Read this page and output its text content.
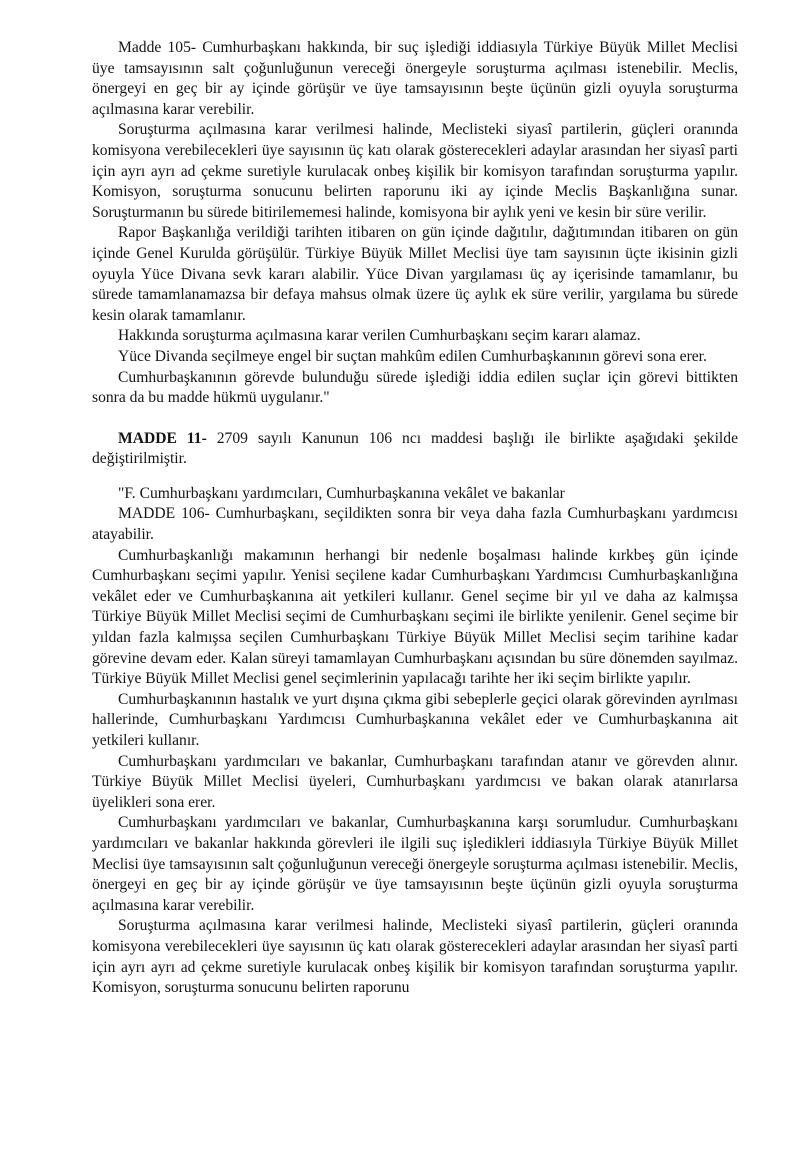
Madde 105- Cumhurbaşkanı hakkında, bir suç işlediği iddiasıyla Türkiye Büyük Millet Meclisi üye tamsayısının salt çoğunluğunun vereceği önergeyle soruşturma açılması istenebilir. Meclis, önergeyi en geç bir ay içinde görüşür ve üye tamsayısının beşte üçünün gizli oyuyla soruşturma açılmasına karar verebilir.

Soruşturma açılmasına karar verilmesi halinde, Meclisteki siyasî partilerin, güçleri oranında komisyona verebilecekleri üye sayısının üç katı olarak gösterecekleri adaylar arasından her siyasî parti için ayrı ayrı ad çekme suretiyle kurulacak onbeş kişilik bir komisyon tarafından soruşturma yapılır. Komisyon, soruşturma sonucunu belirten raporunu iki ay içinde Meclis Başkanlığına sunar. Soruşturmanın bu sürede bitirilememesi halinde, komisyona bir aylık yeni ve kesin bir süre verilir.

Rapor Başkanlığa verildiği tarihten itibaren on gün içinde dağıtılır, dağıtımından itibaren on gün içinde Genel Kurulda görüşülür. Türkiye Büyük Millet Meclisi üye tam sayısının üçte ikisinin gizli oyuyla Yüce Divana sevk kararı alabilir. Yüce Divan yargılaması üç ay içerisinde tamamlanır, bu sürede tamamlanamazsa bir defaya mahsus olmak üzere üç aylık ek süre verilir, yargılama bu sürede kesin olarak tamamlanır.

Hakkında soruşturma açılmasına karar verilen Cumhurbaşkanı seçim kararı alamaz.

Yüce Divanda seçilmeye engel bir suçtan mahkûm edilen Cumhurbaşkanının görevi sona erer.

Cumhurbaşkanının görevde bulunduğu sürede işlediği iddia edilen suçlar için görevi bittikten sonra da bu madde hükmü uygulanır."

MADDE 11- 2709 sayılı Kanunun 106 ncı maddesi başlığı ile birlikte aşağıdaki şekilde değiştirilmiştir.

"F. Cumhurbaşkanı yardımcıları, Cumhurbaşkanına vekâlet ve bakanlar

MADDE 106- Cumhurbaşkanı, seçildikten sonra bir veya daha fazla Cumhurbaşkanı yardımcısı atayabilir.

Cumhurbaşkanlığı makamının herhangi bir nedenle boşalması halinde kırkbeş gün içinde Cumhurbaşkanı seçimi yapılır. Yenisi seçilene kadar Cumhurbaşkanı Yardımcısı Cumhurbaşkanlığına vekâlet eder ve Cumhurbaşkanına ait yetkileri kullanır. Genel seçime bir yıl ve daha az kalmışsa Türkiye Büyük Millet Meclisi seçimi de Cumhurbaşkanı seçimi ile birlikte yenilenir. Genel seçime bir yıldan fazla kalmışsa seçilen Cumhurbaşkanı Türkiye Büyük Millet Meclisi seçim tarihine kadar görevine devam eder. Kalan süreyi tamamlayan Cumhurbaşkanı açısından bu süre dönemden sayılmaz. Türkiye Büyük Millet Meclisi genel seçimlerinin yapılacağı tarihte her iki seçim birlikte yapılır.

Cumhurbaşkanının hastalık ve yurt dışına çıkma gibi sebeplerle geçici olarak görevinden ayrılması hallerinde, Cumhurbaşkanı Yardımcısı Cumhurbaşkanına vekâlet eder ve Cumhurbaşkanına ait yetkileri kullanır.

Cumhurbaşkanı yardımcıları ve bakanlar, Cumhurbaşkanı tarafından atanır ve görevden alınır. Türkiye Büyük Millet Meclisi üyeleri, Cumhurbaşkanı yardımcısı ve bakan olarak atanırlarsa üyelikleri sona erer.

Cumhurbaşkanı yardımcıları ve bakanlar, Cumhurbaşkanına karşı sorumludur. Cumhurbaşkanı yardımcıları ve bakanlar hakkında görevleri ile ilgili suç işledikleri iddiasıyla Türkiye Büyük Millet Meclisi üye tamsayısının salt çoğunluğunun vereceği önergeyle soruşturma açılması istenebilir. Meclis, önergeyi en geç bir ay içinde görüşür ve üye tamsayısının beşte üçünün gizli oyuyla soruşturma açılmasına karar verebilir.

Soruşturma açılmasına karar verilmesi halinde, Meclisteki siyasî partilerin, güçleri oranında komisyona verebilecekleri üye sayısının üç katı olarak gösterecekleri adaylar arasından her siyasî parti için ayrı ayrı ad çekme suretiyle kurulacak onbeş kişilik bir komisyon tarafından soruşturma yapılır. Komisyon, soruşturma sonucunu belirten raporunu
